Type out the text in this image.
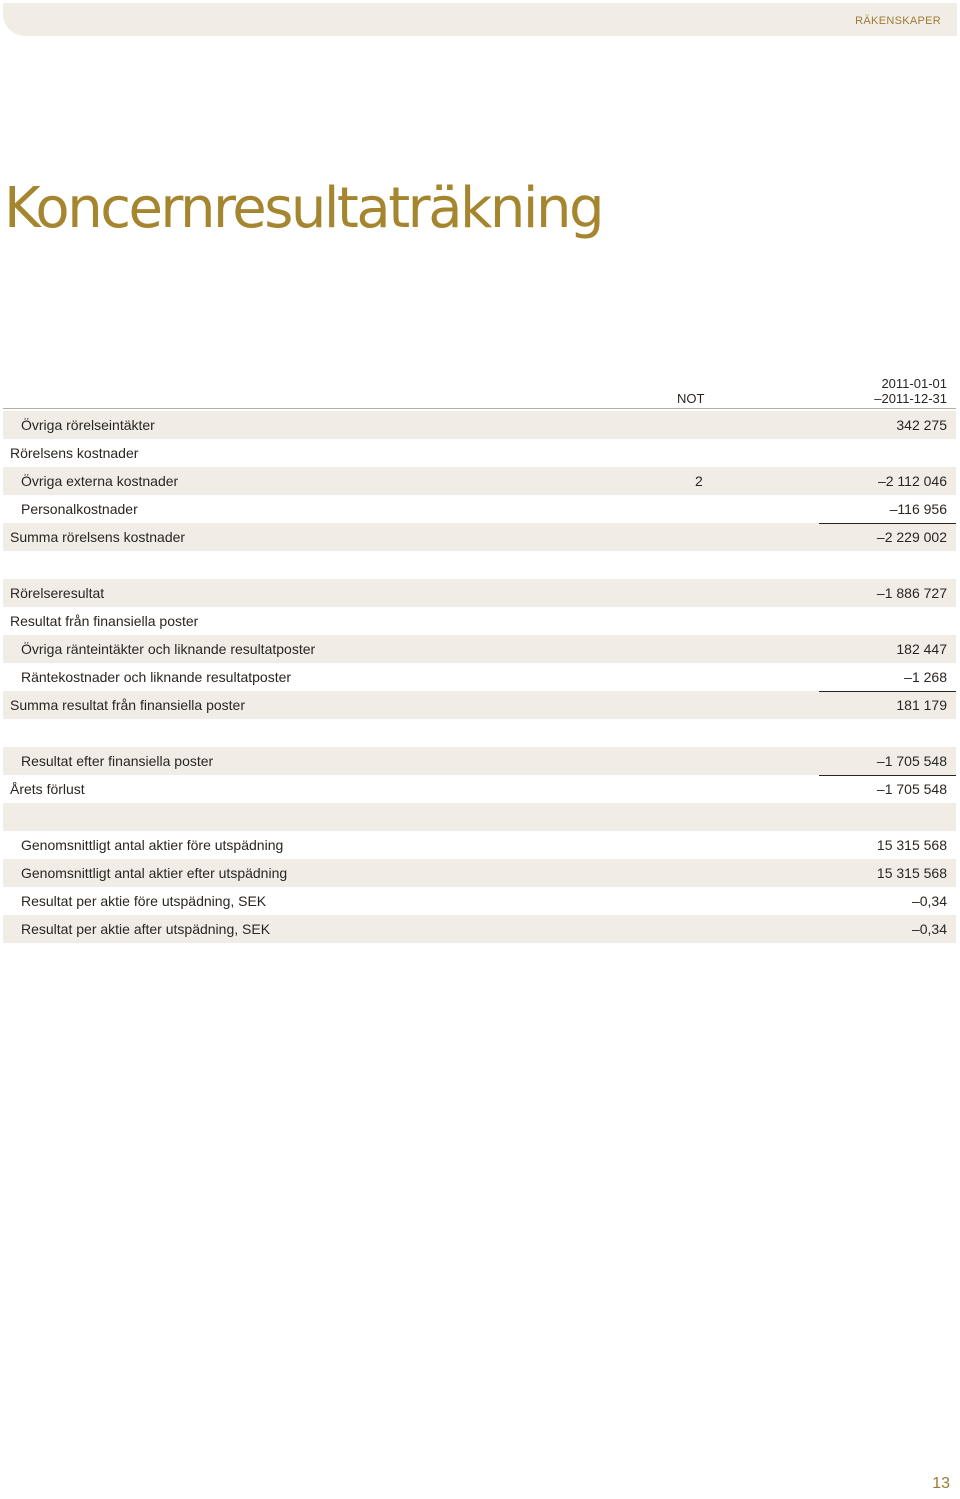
RÄKENSKAPER
Koncernresultaträkning
NOT
2011-01-01
–2011-12-31
Övriga rörelseintäkter	342 275
Rörelsens kostnader
Övriga externa kostnader	2	–2 112 046
Personalkostnader	–116 956
Summa rörelsens kostnader	–2 229 002
Rörelseresultat	–1 886 727
Resultat från finansiella poster
Övriga ränteintäkter och liknande resultatposter	182 447
Räntekostnader och liknande resultatposter	–1 268
Summa resultat från finansiella poster	181 179
Resultat efter finansiella poster	–1 705 548
Årets förlust	–1 705 548
Genomsnittligt antal aktier före utspädning	15 315 568
Genomsnittligt antal aktier efter utspädning	15 315 568
Resultat per aktie före utspädning, SEK	–0,34
Resultat per aktie after utspädning, SEK	–0,34
13
